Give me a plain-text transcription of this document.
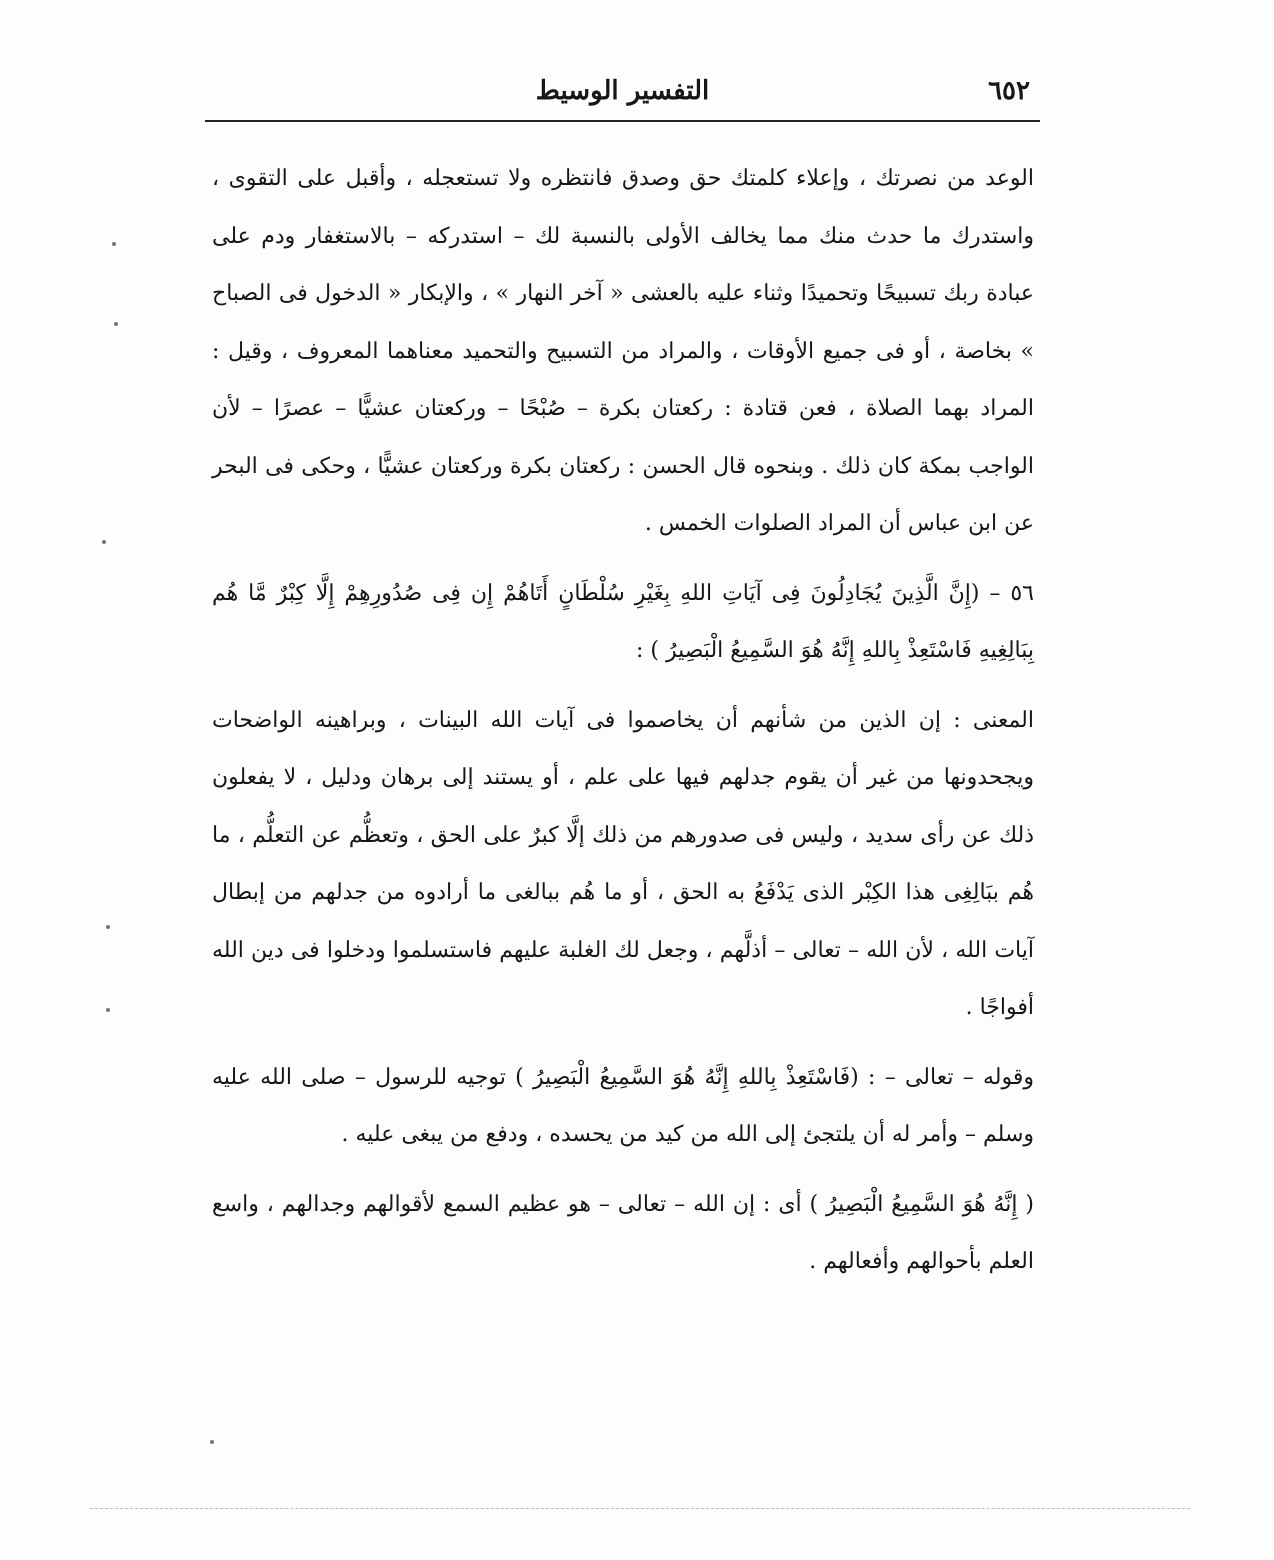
٦٥٢
التفسير الوسيط

الوعد من نصرتك ، وإعلاء كلمتك حق وصدق فانتظره ولا تستعجله ، وأقبل على التقوى ، واستدرك ما حدث منك مما يخالف الأولى بالنسبة لك – استدركه – بالاستغفار ودم على عبادة ربك تسبيحًا وتحميدًا وثناء عليه بالعشى « آخر النهار » ، والإبكار « الدخول فى الصباح » بخاصة ، أو فى جميع الأوقات ، والمراد من التسبيح والتحميد معناهما المعروف ، وقيل : المراد بهما الصلاة ، فعن قتادة : ركعتان بكرة – صُبْحًا – وركعتان عشيًّا – عصرًا – لأن الواجب بمكة كان ذلك . وبنحوه قال الحسن : ركعتان بكرة وركعتان عشيًّا ، وحكى فى البحر عن ابن عباس أن المراد الصلوات الخمس .

٥٦ – (إِنَّ الَّذِينَ يُجَادِلُونَ فِى آيَاتِ اللهِ بِغَيْرِ سُلْطَانٍ أَتَاهُمْ إِن فِى صُدُورِهِمْ إِلَّا كِبْرٌ مَّا هُم بِبَالِغِيهِ فَاسْتَعِذْ بِاللهِ إِنَّهُ هُوَ السَّمِيعُ الْبَصِيرُ ) :

المعنى : إن الذين من شأنهم أن يخاصموا فى آيات الله البينات ، وبراهينه الواضحات ويجحدونها من غير أن يقوم جدلهم فيها على علم ، أو يستند إلى برهان ودليل ، لا يفعلون ذلك عن رأى سديد ، وليس فى صدورهم من ذلك إلَّا كبرٌ على الحق ، وتعظُّم عن التعلُّم ، ما هُم ببَالِغِى هذا الكِبْر الذى يَدْفَعُ به الحق ، أو ما هُم ببالغى ما أرادوه من جدلهم من إبطال آيات الله ، لأن الله – تعالى – أذلَّهم ، وجعل لك الغلبة عليهم فاستسلموا ودخلوا فى دين الله أفواجًا .

وقوله – تعالى – : (فَاسْتَعِذْ بِاللهِ إِنَّهُ هُوَ السَّمِيعُ الْبَصِيرُ ) توجيه للرسول – صلى الله عليه وسلم – وأمر له أن يلتجئ إلى الله من كيد من يحسده ، ودفع من يبغى عليه .

( إِنَّهُ هُوَ السَّمِيعُ الْبَصِيرُ ) أى : إن الله – تعالى – هو عظيم السمع لأقوالهم وجدالهم ، واسع العلم بأحوالهم وأفعالهم .
